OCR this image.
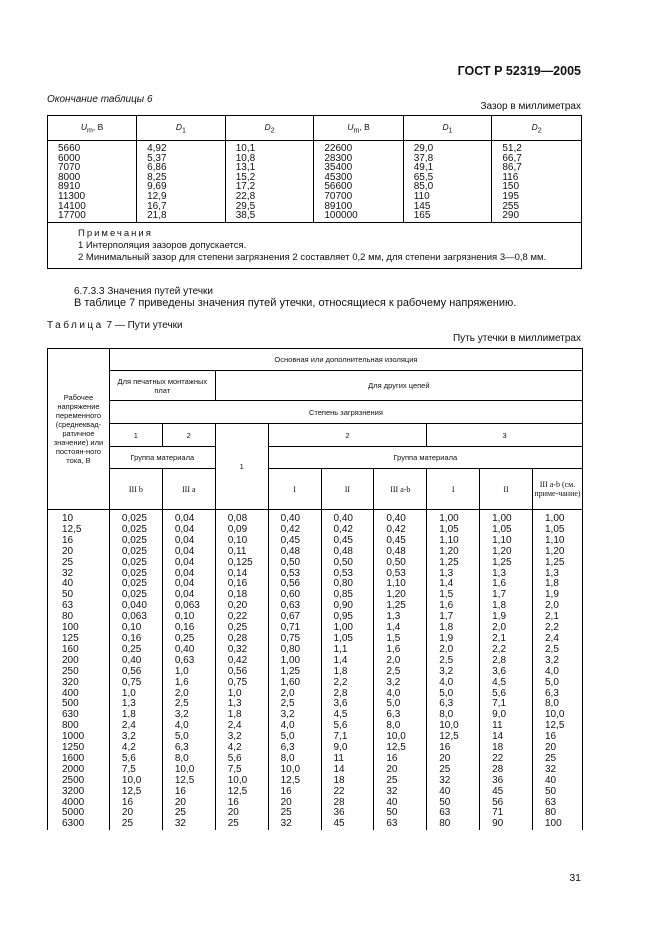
ГОСТ Р 52319—2005
Окончание таблицы 6
Зазор в миллиметрах
$U_m$, В	$D_1$	$D_2$	$U_m$, В	$D_1$	$D_2$
5660	4,92	10,1	22600	29,0	51,2
6000	5,37	10,8	28300	37,8	66,7
7070	6,86	13,1	35400	49,1	86,7
8000	8,25	15,2	45300	65,5	116
8910	9,69	17,2	56600	85,0	150
11300	12,9	22,8	70700	110	195
14100	16,7	29,5	89100	145	255
17700	21,8	38,5	100000	165	290

Примечания
1 Интерполяция зазоров допускается.
2 Минимальный зазор для степени загрязнения 2 составляет 0,2 мм, для степени загрязнения 3—0,8 мм.					
6.7.3.3 Значения путей утечки
В таблице 7 приведены значения путей утечки, относящиеся к рабочему напряжению.
Таблица 7 — Пути утечки
Путь утечки в миллиметрах
Рабочее напряжение переменного (среднеквад-ратичное значение) или постоян-ного тока, В	Основная или дополнительная изоляция								
	Для печатных монтажных плат		Для других цепей						
	Степень загрязнения								
	1	2	1	2			3		
	Группа материала			Группа материала					
	III b	III a		I	II	III a-b	I	II	III a-b (см. приме-чание)
10	0,025	0,04	0,08	0,40	0,40	0,40	1,00	1,00	1,00
12,5	0,025	0,04	0,09	0,42	0,42	0,42	1,05	1,05	1,05
16	0,025	0,04	0,10	0,45	0,45	0,45	1,10	1,10	1,10
20	0,025	0,04	0,11	0,48	0,48	0,48	1,20	1,20	1,20
25	0,025	0,04	0,125	0,50	0,50	0,50	1,25	1,25	1,25
32	0,025	0,04	0,14	0,53	0,53	0,53	1,3	1,3	1,3
40	0,025	0,04	0,16	0,56	0,80	1,10	1,4	1,6	1,8
50	0,025	0,04	0,18	0,60	0,85	1,20	1,5	1,7	1,9
63	0,040	0,063	0,20	0,63	0,90	1,25	1,6	1,8	2,0
80	0,063	0,10	0,22	0,67	0,95	1,3	1,7	1,9	2,1
100	0,10	0,16	0,25	0,71	1,00	1,4	1,8	2,0	2,2
125	0,16	0,25	0,28	0,75	1,05	1,5	1,9	2,1	2,4
160	0,25	0,40	0,32	0,80	1,1	1,6	2,0	2,2	2,5
200	0,40	0,63	0,42	1,00	1,4	2,0	2,5	2,8	3,2
250	0,56	1,0	0,56	1,25	1,8	2,5	3,2	3,6	4,0
320	0,75	1,6	0,75	1,60	2,2	3,2	4,0	4,5	5,0
400	1,0	2,0	1,0	2,0	2,8	4,0	5,0	5,6	6,3
500	1,3	2,5	1,3	2,5	3,6	5,0	6,3	7,1	8,0
630	1,8	3,2	1,8	3,2	4,5	6,3	8,0	9,0	10,0
800	2,4	4,0	2,4	4,0	5,6	8,0	10,0	11	12,5
1000	3,2	5,0	3,2	5,0	7,1	10,0	12,5	14	16
1250	4,2	6,3	4,2	6,3	9,0	12,5	16	18	20
1600	5,6	8,0	5,6	8,0	11	16	20	22	25
2000	7,5	10,0	7,5	10,0	14	20	25	28	32
2500	10,0	12,5	10,0	12,5	18	25	32	36	40
3200	12,5	16	12,5	16	22	32	40	45	50
4000	16	20	16	20	28	40	50	56	63
5000	20	25	20	25	36	50	63	71	80
6300	25	32	25	32	45	63	80	90	100
31
